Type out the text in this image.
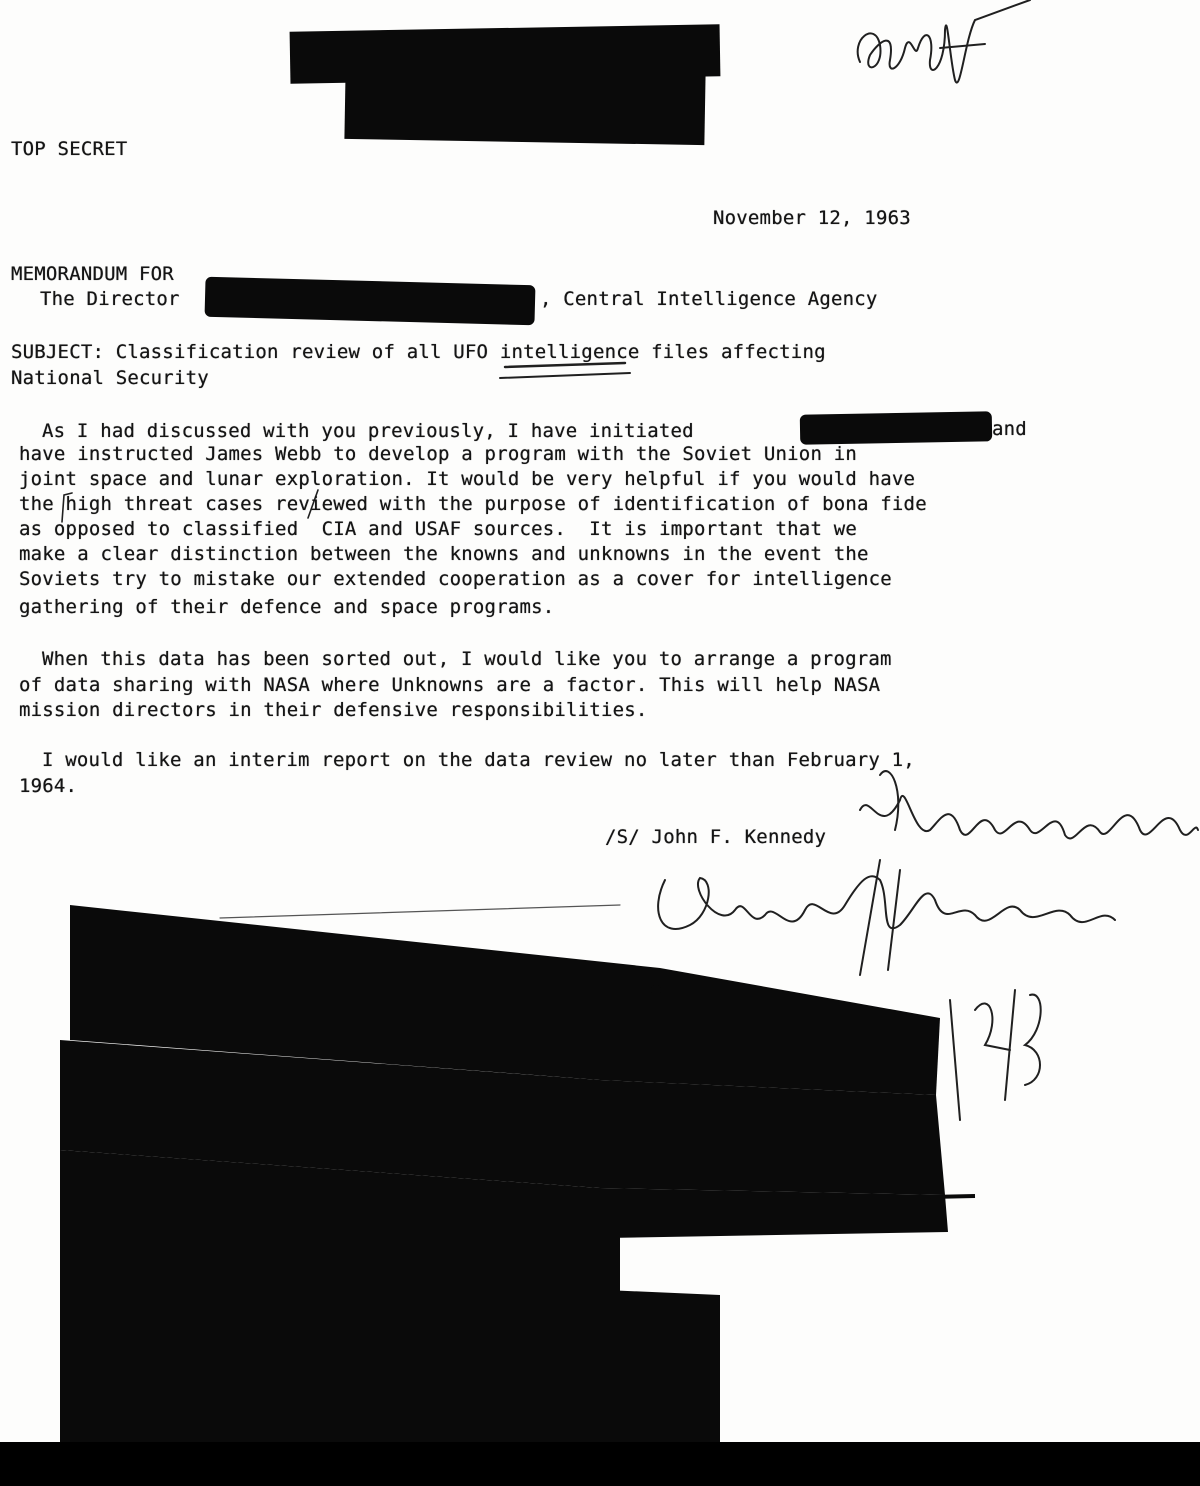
TOP SECRET
November 12, 1963
MEMORANDUM FOR
The Director	, Central Intelligence Agency
SUBJECT: Classification review of all UFO intelligence files affecting
National Security
As I had discussed with you previously, I have initiated	and
have instructed James Webb to develop a program with the Soviet Union in
joint space and lunar exploration. It would be very helpful if you would have
the high threat cases reviewed with the purpose of identification of bona fide
as opposed to classified  CIA and USAF sources.  It is important that we
make a clear distinction between the knowns and unknowns in the event the
Soviets try to mistake our extended cooperation as a cover for intelligence
gathering of their defence and space programs.
When this data has been sorted out, I would like you to arrange a program
of data sharing with NASA where Unknowns are a factor. This will help NASA
mission directors in their defensive responsibilities.
I would like an interim report on the data review no later than February 1,
1964.
/S/ John F. Kennedy
